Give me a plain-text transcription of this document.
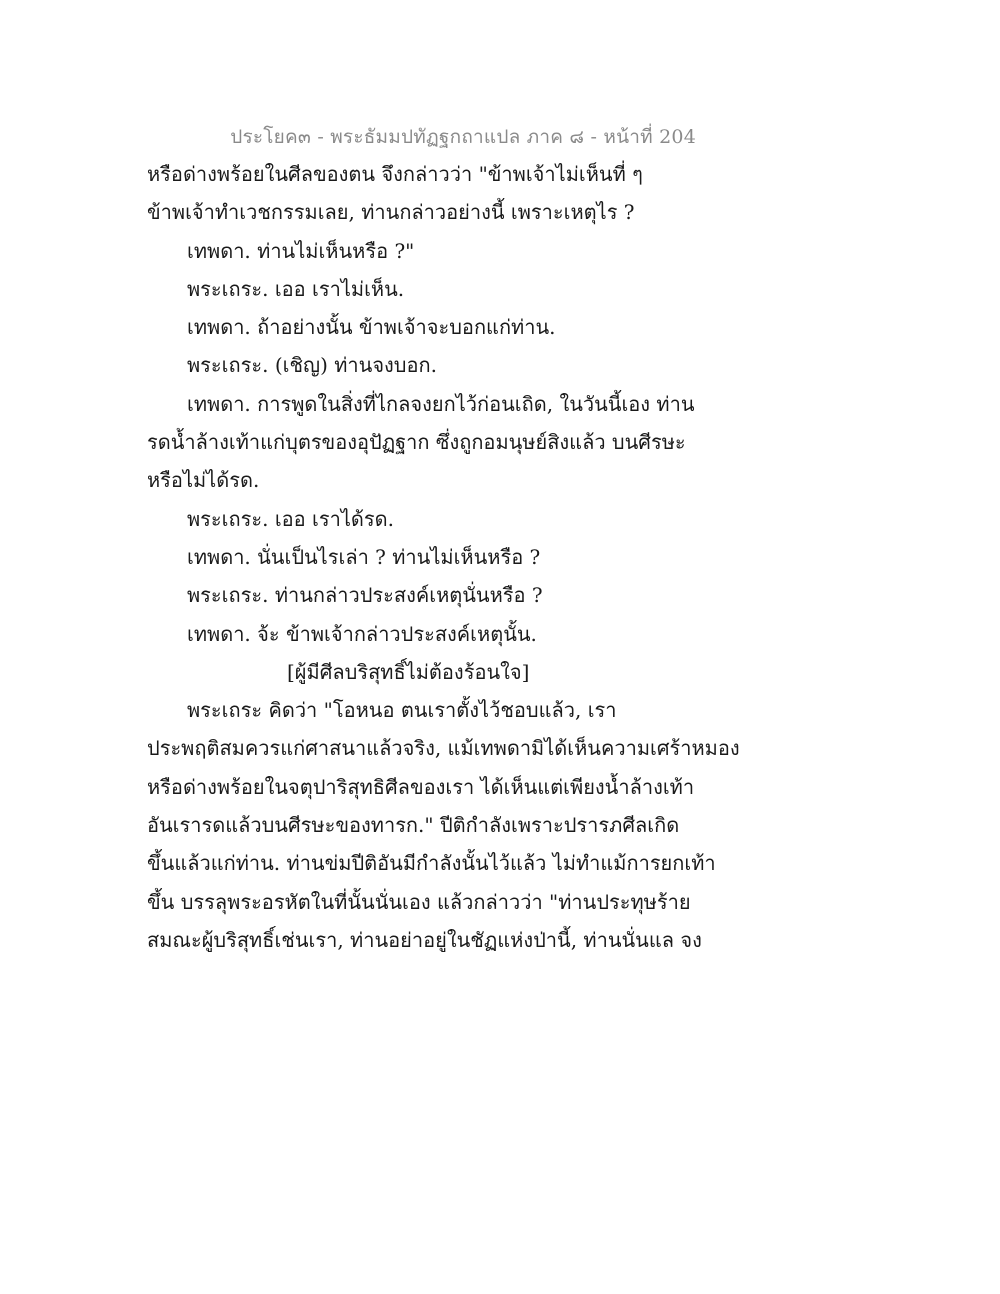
ประโยค๓ - พระธัมมปทัฏฐกถาแปล ภาค ๘ - หน้าที่ 204
หรือด่างพร้อยในศีลของตน จึงกล่าวว่า "ข้าพเจ้าไม่เห็นที่ ๆ
ข้าพเจ้าทำเวชกรรมเลย, ท่านกล่าวอย่างนี้ เพราะเหตุไร ?
เทพดา. ท่านไม่เห็นหรือ ?"
พระเถระ. เออ เราไม่เห็น.
เทพดา. ถ้าอย่างนั้น ข้าพเจ้าจะบอกแก่ท่าน.
พระเถระ. (เชิญ) ท่านจงบอก.
เทพดา. การพูดในสิ่งที่ไกลจงยกไว้ก่อนเถิด, ในวันนี้เอง ท่าน
รดน้ำล้างเท้าแก่บุตรของอุปัฏฐาก ซึ่งถูกอมนุษย์สิงแล้ว บนศีรษะ
หรือไม่ได้รด.
พระเถระ. เออ เราได้รด.
เทพดา. นั่นเป็นไรเล่า ? ท่านไม่เห็นหรือ ?
พระเถระ. ท่านกล่าวประสงค์เหตุนั่นหรือ ?
เทพดา. จ้ะ ข้าพเจ้ากล่าวประสงค์เหตุนั้น.
[ผู้มีศีลบริสุทธิ์ไม่ต้องร้อนใจ]
พระเถระ คิดว่า "โอหนอ ตนเราตั้งไว้ชอบแล้ว, เรา
ประพฤติสมควรแก่ศาสนาแล้วจริง, แม้เทพดามิได้เห็นความเศร้าหมอง
หรือด่างพร้อยในจตุปาริสุทธิศีลของเรา ได้เห็นแต่เพียงน้ำล้างเท้า
อันเรารดแล้วบนศีรษะของทารก." ปีติกำลังเพราะปรารภศีลเกิด
ขึ้นแล้วแก่ท่าน. ท่านข่มปีติอันมีกำลังนั้นไว้แล้ว ไม่ทำแม้การยกเท้า
ขึ้น บรรลุพระอรหัตในที่นั้นนั่นเอง แล้วกล่าวว่า "ท่านประทุษร้าย
สมณะผู้บริสุทธิ์เช่นเรา, ท่านอย่าอยู่ในชัฏแห่งป่านี้, ท่านนั่นแล จง
